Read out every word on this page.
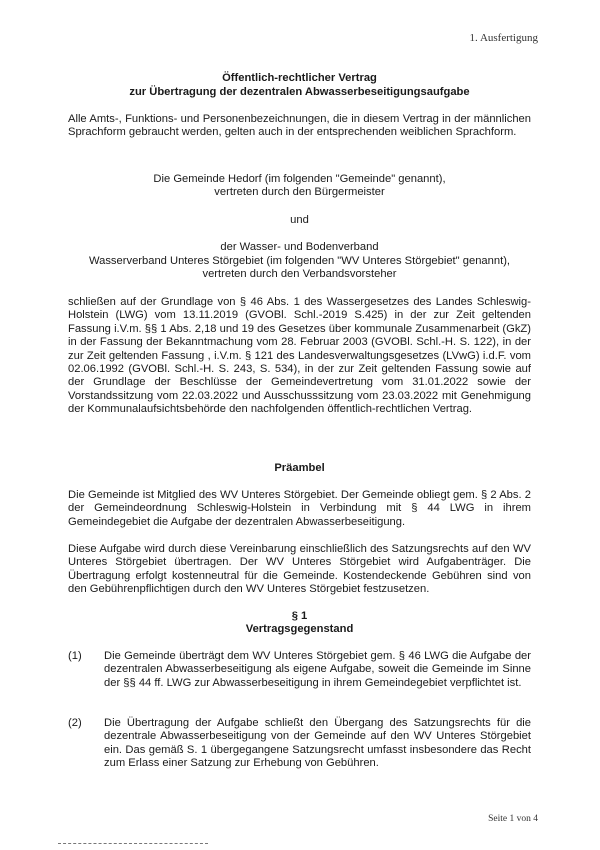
1. Ausfertigung
Öffentlich-rechtlicher Vertrag
zur Übertragung der dezentralen Abwasserbeseitigungsaufgabe
Alle Amts-, Funktions- und Personenbezeichnungen, die in diesem Vertrag in der männlichen Sprachform gebraucht werden, gelten auch in der entsprechenden weiblichen Sprachform.
Die Gemeinde Hedorf (im folgenden "Gemeinde" genannt),
vertreten durch den Bürgermeister
und
der Wasser- und Bodenverband
Wasserverband Unteres Störgebiet (im folgenden "WV Unteres Störgebiet" genannt),
vertreten durch den Verbandsvorsteher
schließen auf der Grundlage von § 46 Abs. 1 des Wassergesetzes des Landes Schleswig-Holstein (LWG) vom 13.11.2019 (GVOBl. Schl.-2019 S.425) in der zur Zeit geltenden Fassung i.V.m. §§ 1 Abs. 2,18 und 19 des Gesetzes über kommunale Zusammenarbeit (GkZ) in der Fassung der Bekanntmachung vom 28. Februar 2003 (GVOBl. Schl.-H. S. 122), in der zur Zeit geltenden Fassung , i.V.m. § 121 des Landesverwaltungsgesetzes (LVwG) i.d.F. vom 02.06.1992 (GVOBl. Schl.-H. S. 243, S. 534), in der zur Zeit geltenden Fassung sowie auf der Grundlage der Beschlüsse der Gemeindevertretung vom 31.01.2022 sowie der Vorstandssitzung vom 22.03.2022 und Ausschusssitzung vom 23.03.2022 mit Genehmigung der Kommunalaufsichtsbehörde den nachfolgenden öffentlich-rechtlichen Vertrag.
Präambel
Die Gemeinde ist Mitglied des WV Unteres Störgebiet. Der Gemeinde obliegt gem. § 2 Abs. 2 der Gemeindeordnung Schleswig-Holstein in Verbindung mit § 44 LWG in ihrem Gemeindegebiet die Aufgabe der dezentralen Abwasserbeseitigung.
Diese Aufgabe wird durch diese Vereinbarung einschließlich des Satzungsrechts auf den WV Unteres Störgebiet übertragen. Der WV Unteres Störgebiet wird Aufgabenträger. Die Übertragung erfolgt kostenneutral für die Gemeinde. Kostendeckende Gebühren sind von den Gebührenpflichtigen durch den WV Unteres Störgebiet festzusetzen.
§ 1
Vertragsgegenstand
(1)	Die Gemeinde überträgt dem WV Unteres Störgebiet gem. § 46 LWG die Aufgabe der dezentralen Abwasserbeseitigung als eigene Aufgabe, soweit die Gemeinde im Sinne der §§ 44 ff. LWG zur Abwasserbeseitigung in ihrem Gemeindegebiet verpflichtet ist.
(2)	Die Übertragung der Aufgabe schließt den Übergang des Satzungsrechts für die dezentrale Abwasserbeseitigung von der Gemeinde auf den WV Unteres Störgebiet ein. Das gemäß S. 1 übergegangene Satzungsrecht umfasst insbesondere das Recht zum Erlass einer Satzung zur Erhebung von Gebühren.
Seite 1 von 4
